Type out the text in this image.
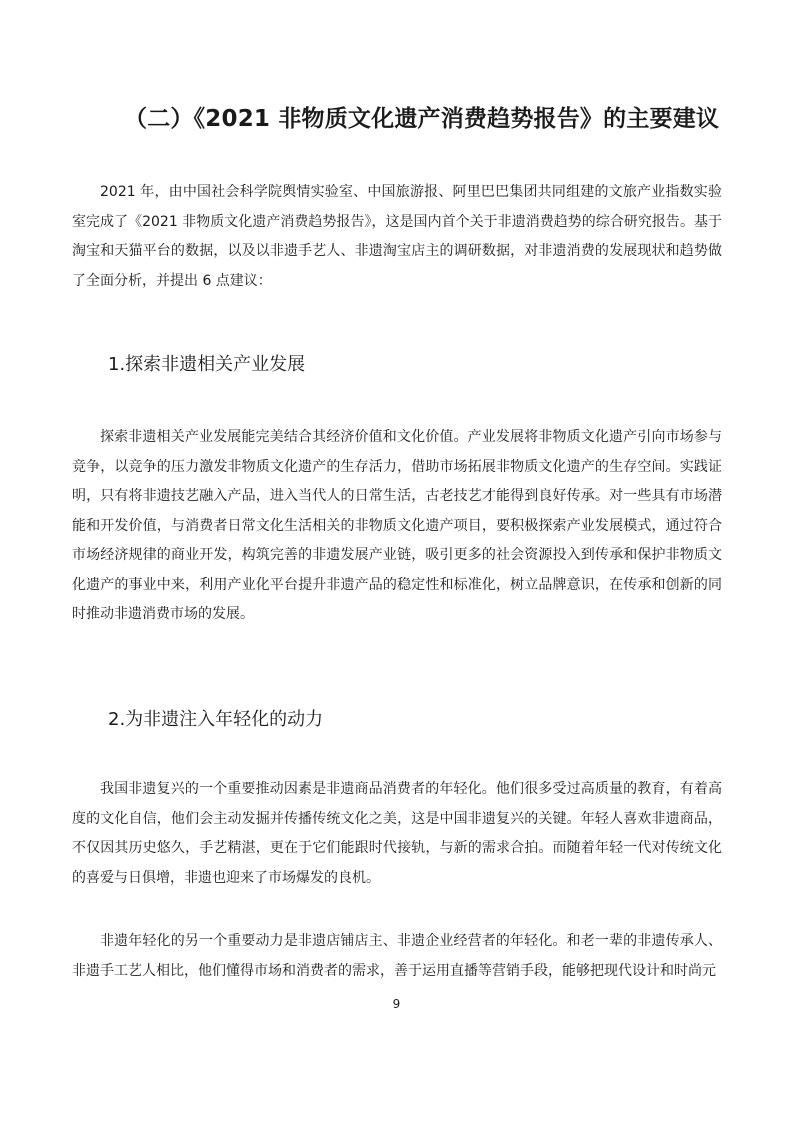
（二）《2021 非物质文化遗产消费趋势报告》的主要建议

2021 年，由中国社会科学院舆情实验室、中国旅游报、阿里巴巴集团共同组建的文旅产业指数实验室完成了《2021 非物质文化遗产消费趋势报告》，这是国内首个关于非遗消费趋势的综合研究报告。基于淘宝和天猫平台的数据，以及以非遗手艺人、非遗淘宝店主的调研数据，对非遗消费的发展现状和趋势做了全面分析，并提出 6 点建议：

1.探索非遗相关产业发展

探索非遗相关产业发展能完美结合其经济价值和文化价值。产业发展将非物质文化遗产引向市场参与竞争，以竞争的压力激发非物质文化遗产的生存活力，借助市场拓展非物质文化遗产的生存空间。实践证明，只有将非遗技艺融入产品，进入当代人的日常生活，古老技艺才能得到良好传承。对一些具有市场潜能和开发价值，与消费者日常文化生活相关的非物质文化遗产项目，要积极探索产业发展模式，通过符合市场经济规律的商业开发，构筑完善的非遗发展产业链，吸引更多的社会资源投入到传承和保护非物质文化遗产的事业中来，利用产业化平台提升非遗产品的稳定性和标准化，树立品牌意识，在传承和创新的同时推动非遗消费市场的发展。

2.为非遗注入年轻化的动力

我国非遗复兴的一个重要推动因素是非遗商品消费者的年轻化。他们很多受过高质量的教育，有着高度的文化自信，他们会主动发掘并传播传统文化之美，这是中国非遗复兴的关键。年轻人喜欢非遗商品，不仅因其历史悠久，手艺精湛，更在于它们能跟时代接轨，与新的需求合拍。而随着年轻一代对传统文化的喜爱与日俱增，非遗也迎来了市场爆发的良机。

非遗年轻化的另一个重要动力是非遗店铺店主、非遗企业经营者的年轻化。和老一辈的非遗传承人、非遗手工艺人相比，他们懂得市场和消费者的需求，善于运用直播等营销手段，能够把现代设计和时尚元

9
